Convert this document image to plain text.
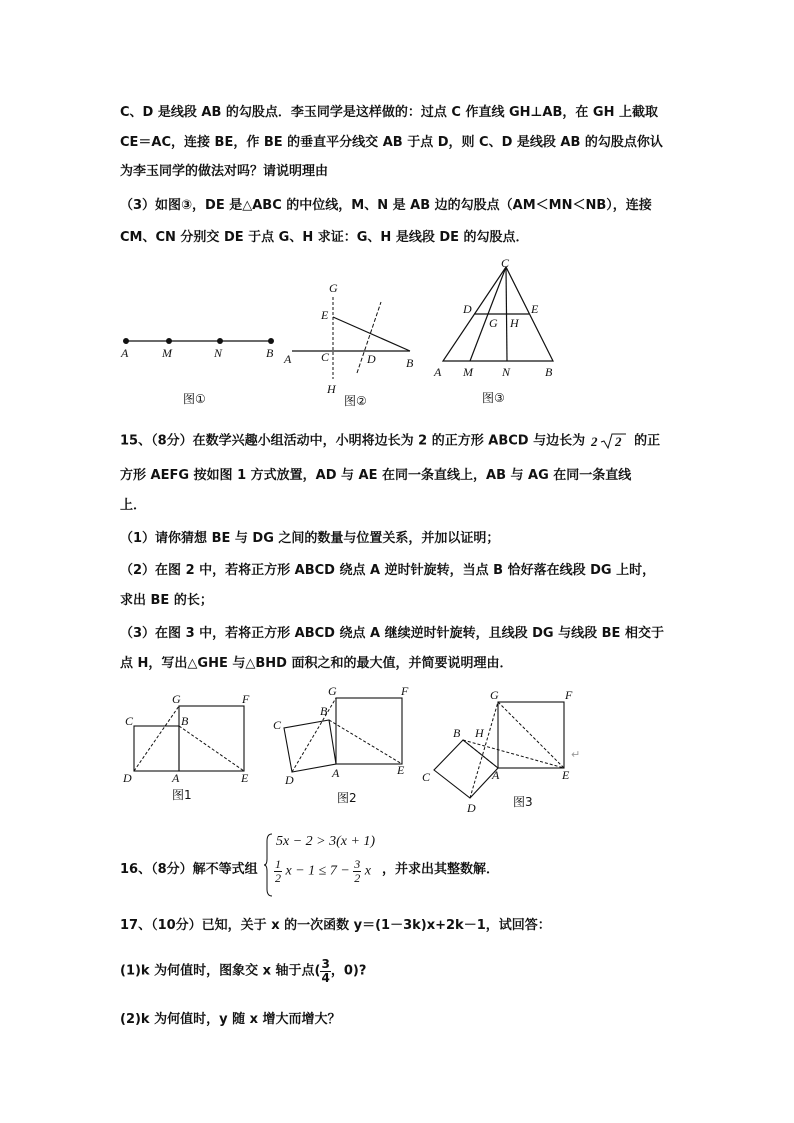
C、D 是线段 AB 的勾股点．李玉同学是这样做的：过点 C 作直线 GH⊥AB，在 GH 上截取
CE＝AC，连接 BE，作 BE 的垂直平分线交 AB 于点 D，则 C、D 是线段 AB 的勾股点你认
为李玉同学的做法对吗？请说明理由
（3）如图③，DE 是△ABC 的中位线，M、N 是 AB 边的勾股点（AM＜MN＜NB），连接
CM、CN 分别交 DE 于点 G、H 求证：G、H 是线段 DE 的勾股点．
A	M	N	B
图①
G
E
A C	D	B
H
图②
C
D	E
G H
A M N	B
图③
15、（8分）在数学兴趣小组活动中，小明将边长为 2 的正方形 ABCD 与边长为 2 2 的正
方形 AEFG 按如图 1 方式放置，AD 与 AE 在同一条直线上，AB 与 AG 在同一条直线
上．
（1）请你猜想 BE 与 DG 之间的数量与位置关系，并加以证明；
（2）在图 2 中，若将正方形 ABCD 绕点 A 逆时针旋转，当点 B 恰好落在线段 DG 上时，
求出 BE 的长；
（3）在图 3 中，若将正方形 ABCD 绕点 A 继续逆时针旋转，且线段 DG 与线段 BE 相交于
点 H，写出△GHE 与△BHD 面积之和的最大值，并简要说明理由．
G	F
C	B
D	A	E
图1
G	F
B
C
A	E
D
图2
G	F
B H
C	A	E
D	图3
↵
16、（8分）解不等式组
5x − 2 > 3(x + 1)
$\frac{1}{2}$ $x - 1 \le 7 - \frac{3}{2}$ x ，并求出其整数解．
17、（10分）已知，关于 x 的一次函数 y＝(1－3k)x+2k－1，试回答：
(1)k 为何值时，图象交 x 轴于点( $\frac{3}{4}$ ，0)?
(2)k 为何值时，y 随 x 增大而增大？
